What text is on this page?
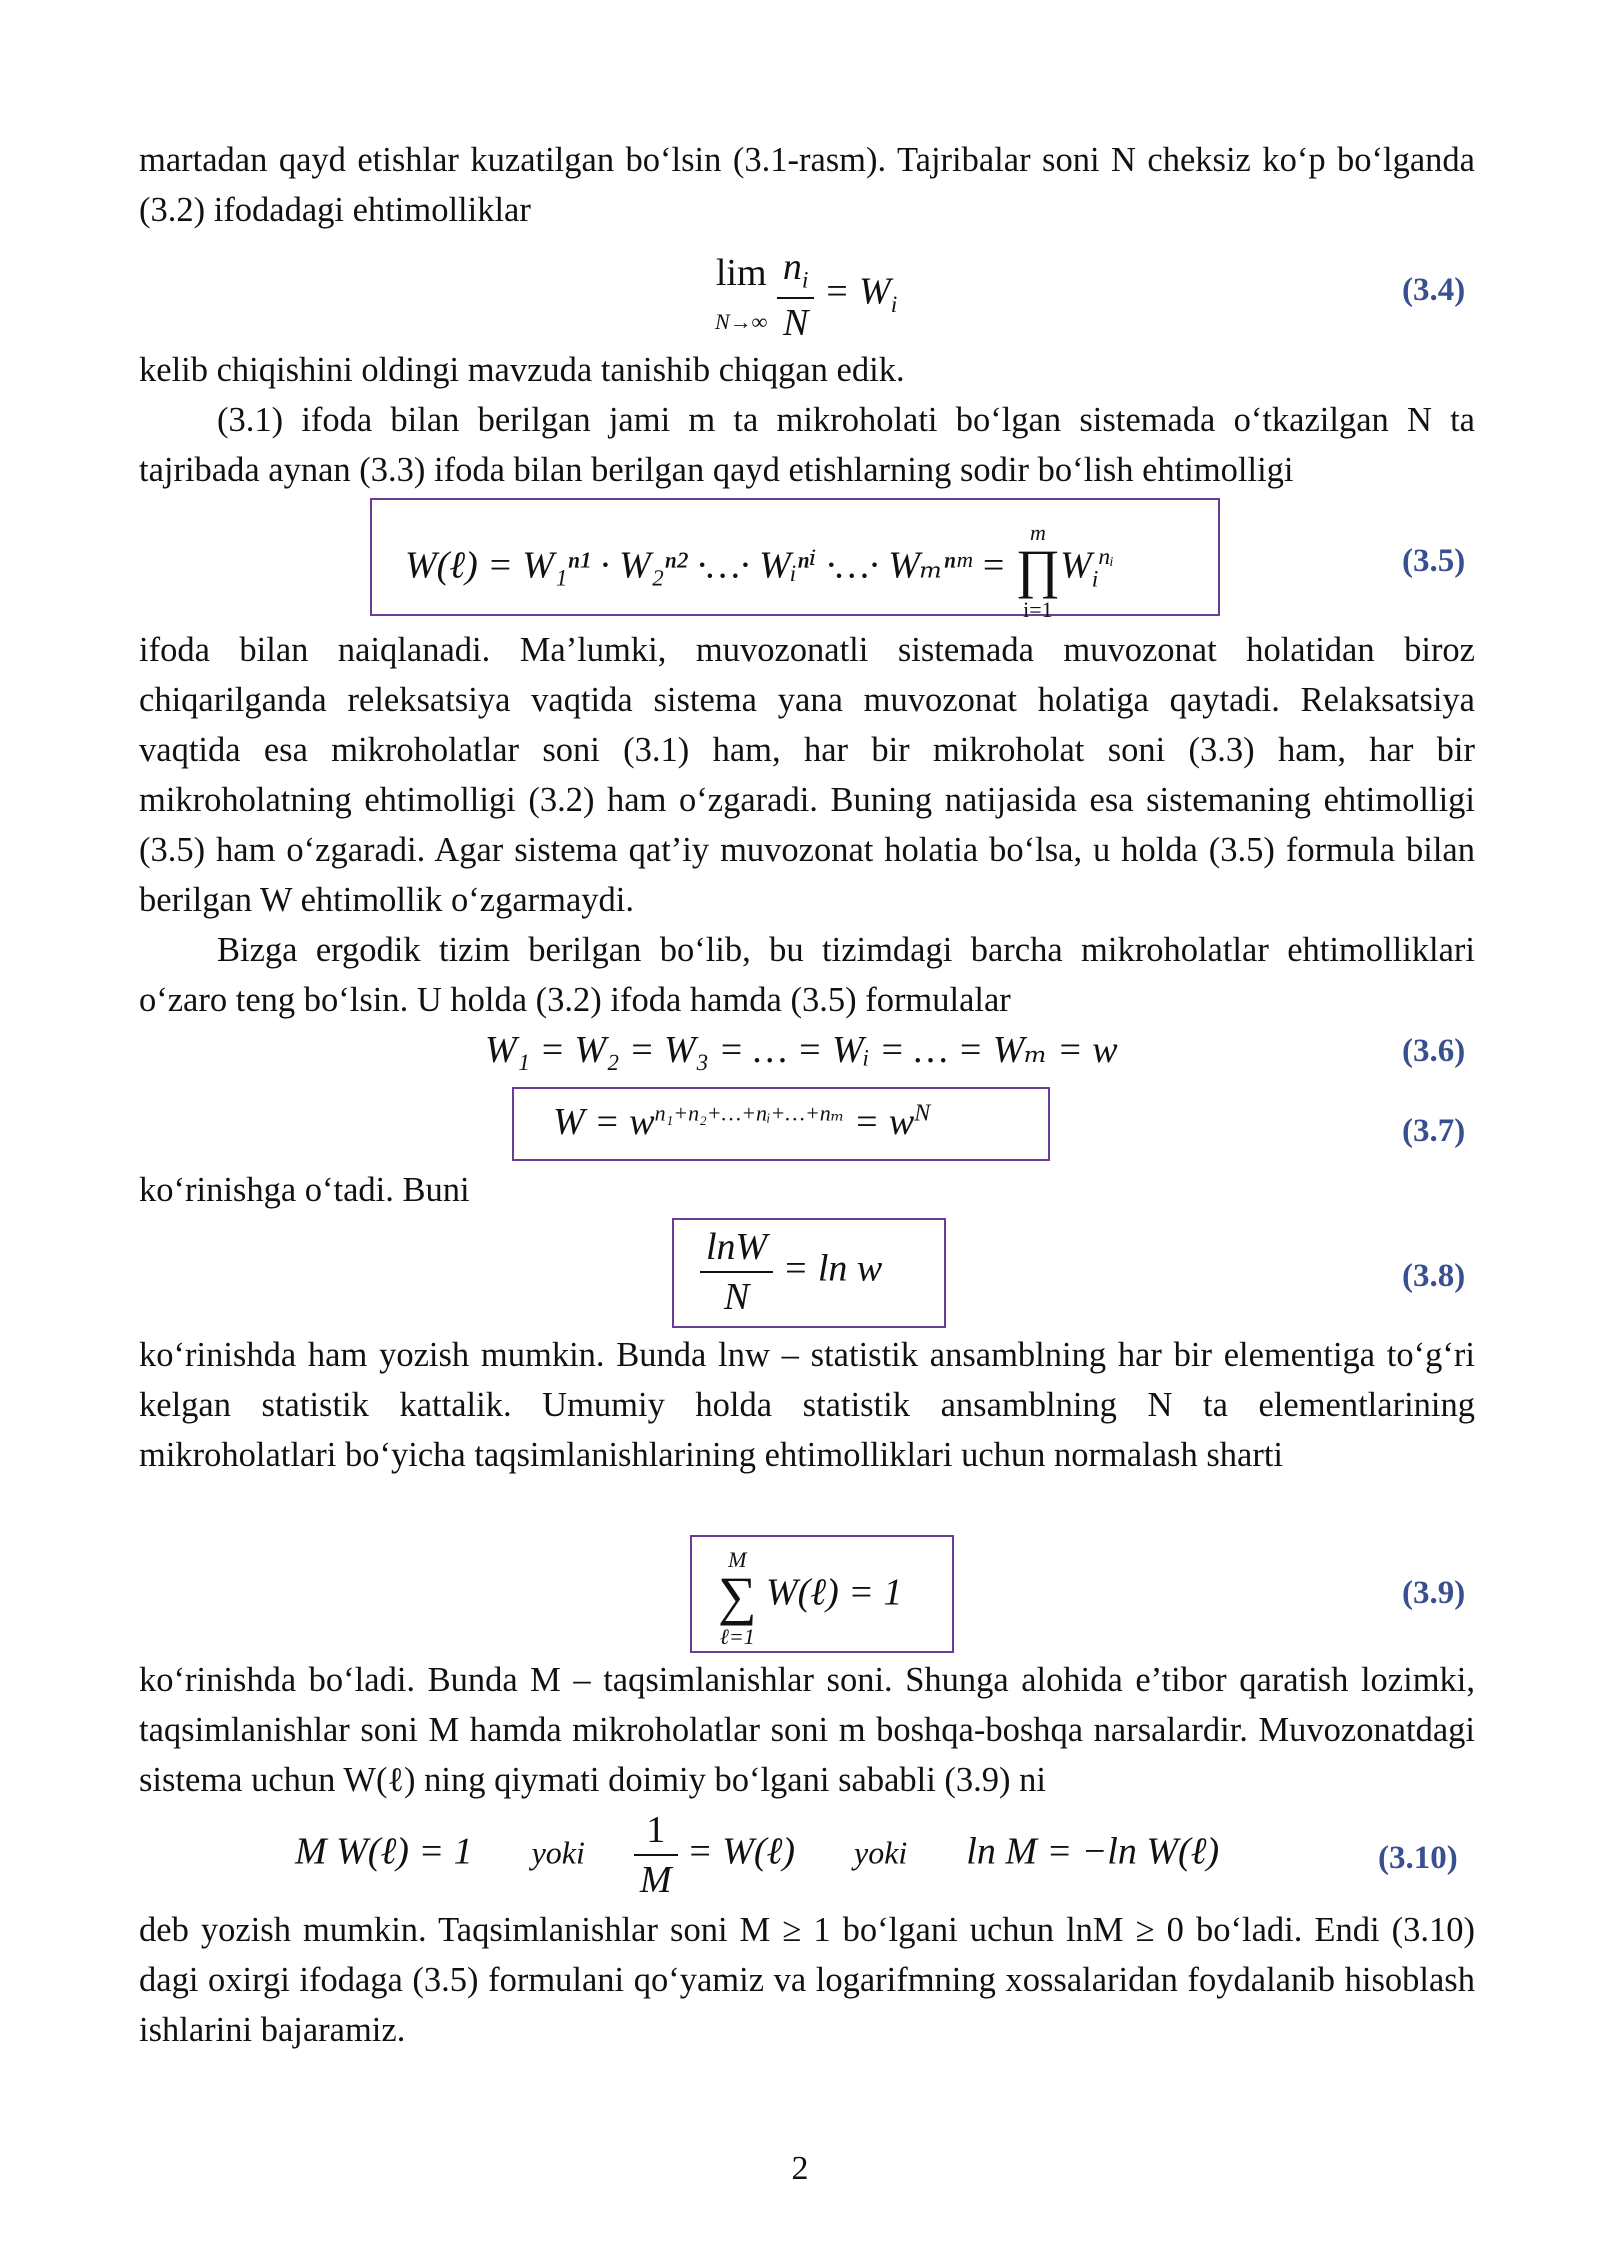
martadan qayd etishlar kuzatilgan bo‘lsin (3.1-rasm). Tajribalar soni N cheksiz ko‘p bo‘lganda (3.2) ifodadagi ehtimolliklar

lim
$N\to\infty \frac{n_i}{N} = W_i$	(3.4)

kelib chiqishini oldingi mavzuda tanishib chiqgan edik.

(3.1) ifoda bilan berilgan jami m ta mikroholati bo‘lgan sistemada o‘tkazilgan N ta tajribada aynan (3.3) ifoda bilan berilgan qayd etishlarning sodir bo‘lish ehtimolligi

W(ℓ) = W₁ⁿ¹ · W₂ⁿ² ·…· Wᵢⁿⁱ ·…· Wₘⁿᵐ = m
∏
$i=1W_i^{nᵢ}$	(3.5)

ifoda bilan naiqlanadi. Ma’lumki, muvozonatli sistemada muvozonat holatidan biroz chiqarilganda releksatsiya vaqtida sistema yana muvozonat holatiga qaytadi. Relaksatsiya vaqtida esa mikroholatlar soni (3.1) ham, har bir mikroholat soni (3.3) ham, har bir mikroholatning ehtimolligi (3.2) ham o‘zgaradi. Buning natijasida esa sistemaning ehtimolligi (3.5) ham o‘zgaradi. Agar sistema qat’iy muvozonat holatia bo‘lsa, u holda (3.5) formula bilan berilgan W ehtimollik o‘zgarmaydi.

Bizga ergodik tizim berilgan bo‘lib, bu tizimdagi barcha mikroholatlar ehtimolliklari o‘zaro teng bo‘lsin. U holda (3.2) ifoda hamda (3.5) formulalar

W₁ = W₂ = W₃ = … = Wᵢ = … = Wₘ = w	(3.6)
$W = w^{n_1+n_2+\dots+nᵢ+\dots+n_m} = w^N$	(3.7)

ko‘rinishga o‘tadi. Buni

$\frac{\ln W}{N} = \ln w$	(3.8)

ko‘rinishda ham yozish mumkin. Bunda lnw – statistik ansamblning har bir elementiga to‘g‘ri kelgan statistik kattalik. Umumiy holda statistik ansamblning N ta elementlarining mikroholatlari bo‘yicha taqsimlanishlarining ehtimolliklari uchun normalash sharti

M
∑
ℓ=1 W(ℓ) = 1	(3.9)

ko‘rinishda bo‘ladi. Bunda M – taqsimlanishlar soni. Shunga alohida e’tibor qaratish lozimki, taqsimlanishlar soni M hamda mikroholatlar soni m boshqa-boshqa narsalardir. Muvozonatdagi sistema uchun W(ℓ) ning qiymati doimiy bo‘lgani sababli (3.9) ni

M W(ℓ) = 1 yoki $\frac{1}{M}$ = W(ℓ) yoki ln M = −ln W(ℓ)	(3.10)

deb yozish mumkin. Taqsimlanishlar soni M ≥ 1 bo‘lgani uchun lnM ≥ 0 bo‘ladi. Endi (3.10) dagi oxirgi ifodaga (3.5) formulani qo‘yamiz va logarifmning xossalaridan foydalanib hisoblash ishlarini bajaramiz.

2
